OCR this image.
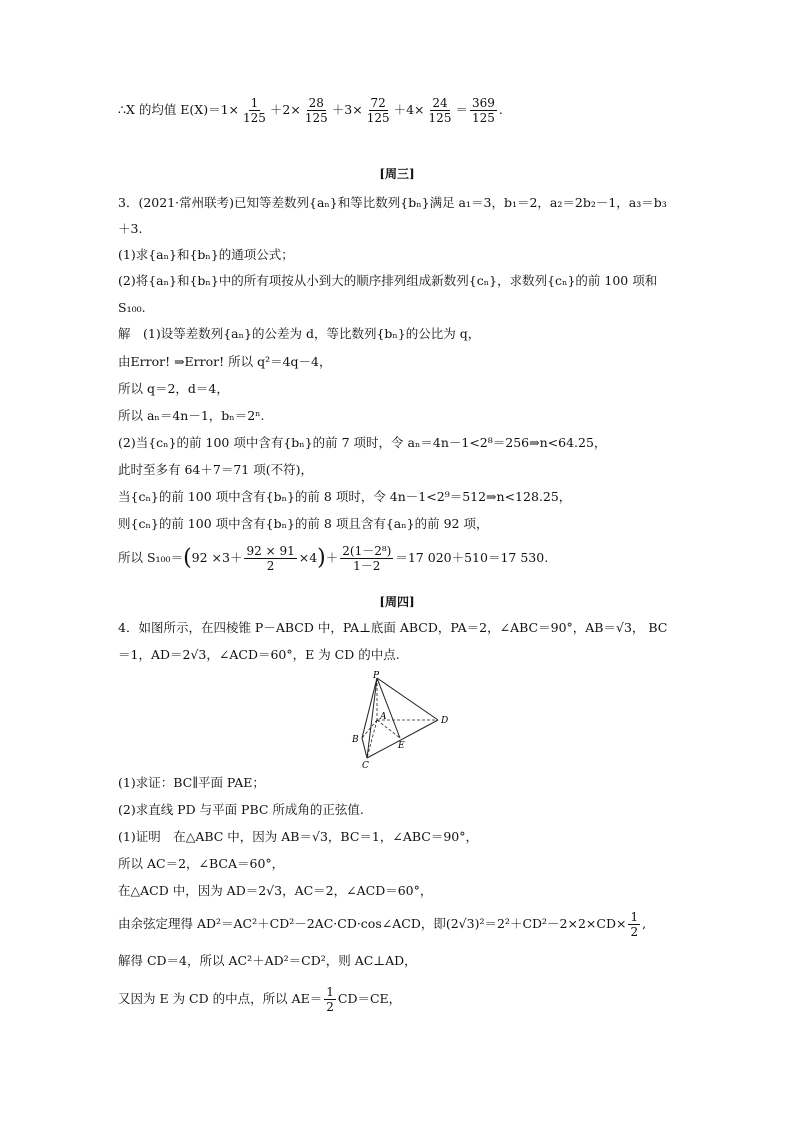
∴X 的均值 $E(X)=1\times \frac{1}{125} +2\times \frac{28}{125} +3\times \frac{72}{125} +4\times \frac{24}{125} = \frac{369}{125}$ .
[周三]
3．(2021·常州联考)已知等差数列{aₙ}和等比数列{bₙ}满足 a₁＝3，b₁＝2，a₂＝2b₂－1，a₃＝b₃
＋3.
(1)求{aₙ}和{bₙ}的通项公式；
(2)将{aₙ}和{bₙ}中的所有项按从小到大的顺序排列组成新数列{cₙ}，求数列{cₙ}的前 100 项和
S₁₀₀.
解　(1)设等差数列{aₙ}的公差为 d，等比数列{bₙ}的公比为 q，
由Error! ⇒Error! 所以 q²＝4q－4，
所以 q＝2，d＝4，
所以 aₙ＝4n－1，bₙ＝2ⁿ.
(2)当{cₙ}的前 100 项中含有{bₙ}的前 7 项时，令 aₙ＝4n－1<2⁸＝256⇒n<64.25，
此时至多有 64＋7＝71 项(不符)，
当{cₙ}的前 100 项中含有{bₙ}的前 8 项时，令 4n－1<2⁹＝512⇒n<128.25，
则{cₙ}的前 100 项中含有{bₙ}的前 8 项且含有{aₙ}的前 92 项，
所以 $S_{100}=(92 \times 3+ \frac{92 \times 91}{2} \times 4)+ \frac{\text{2(1－2⁸)}}{1-2} =17$ 020＋510＝17 530.
[周四]
4．如图所示，在四棱锥 P－ABCD 中，PA⊥底面 ABCD，PA＝2，∠ABC＝90°，AB＝√3， BC
＝1，AD＝2√3，∠ACD＝60°，E 为 CD 的中点.
P
A
B
C
D
E
(1)求证：BC∥平面 PAE；
(2)求直线 PD 与平面 PBC 所成角的正弦值.
(1)证明　在△ABC 中，因为 AB＝√3，BC＝1，∠ABC＝90°，
所以 AC＝2，∠BCA＝60°，
在△ACD 中，因为 AD＝2√3，AC＝2，∠ACD＝60°，
由余弦定理得 AD²＝AC²＋CD²－2AC·CD·cos∠ACD，即$(2√3)^2=2^2+CD^2-2\times 2\times CD\times \frac{1}{2}$ ,
解得 CD＝4，所以 AC²＋AD²＝CD²，则 AC⊥AD，
又因为 E 为 CD 的中点，所以 $AE= \frac{1}{2} CD=CE$，
